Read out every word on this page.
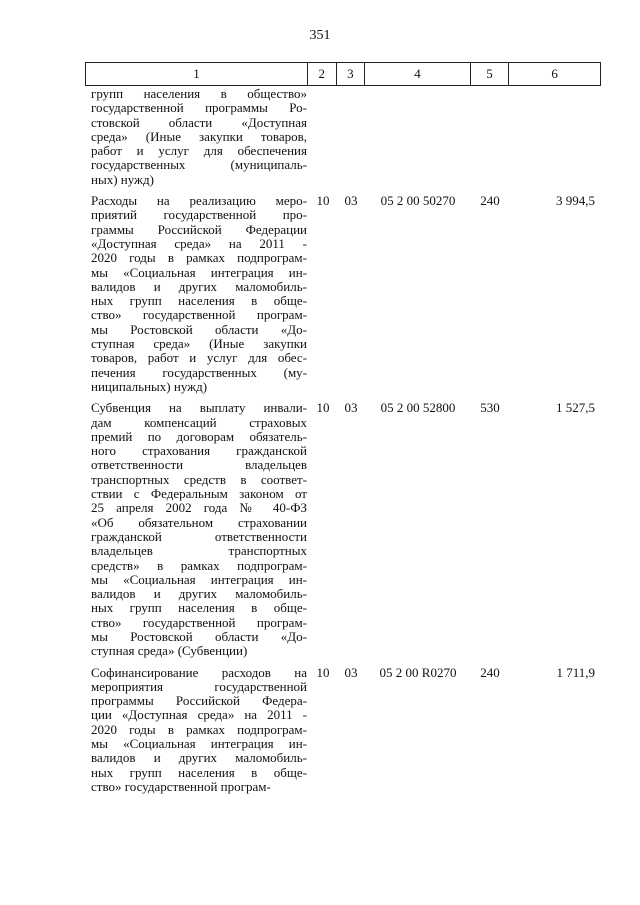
351
1	2	3	4	5	6
групп населения в общество»
государственной программы Ро-
стовской области «Доступная
среда» (Иные закупки товаров,
работ и услуг для обеспечения
государственных (муниципаль-
ных) нужд)
Расходы на реализацию меро-
приятий государственной про-
граммы Российской Федерации
«Доступная среда» на 2011 -
2020 годы в рамках подпрограм-
мы «Социальная интеграция ин-
валидов и других маломобиль-
ных групп населения в обще-
ство» государственной програм-
мы Ростовской области «До-
ступная среда» (Иные закупки
товаров, работ и услуг для обес-
печения государственных (му-
ниципальных) нужд)
10	03	05 2 00 50270	240	3 994,5
Субвенция на выплату инвали-
дам компенсаций страховых
премий по договорам обязатель-
ного страхования гражданской
ответственности владельцев
транспортных средств в соответ-
ствии с Федеральным законом от
25 апреля 2002 года № 40-ФЗ
«Об обязательном страховании
гражданской ответственности
владельцев транспортных
средств» в рамках подпрограм-
мы «Социальная интеграция ин-
валидов и других маломобиль-
ных групп населения в обще-
ство» государственной програм-
мы Ростовской области «До-
ступная среда» (Субвенции)
10	03	05 2 00 52800	530	1 527,5
Софинансирование расходов на
мероприятия государственной
программы Российской Федера-
ции «Доступная среда» на 2011 -
2020 годы в рамках подпрограм-
мы «Социальная интеграция ин-
валидов и других маломобиль-
ных групп населения в обще-
ство» государственной програм-
10	03	05 2 00 R0270	240	1 711,9
